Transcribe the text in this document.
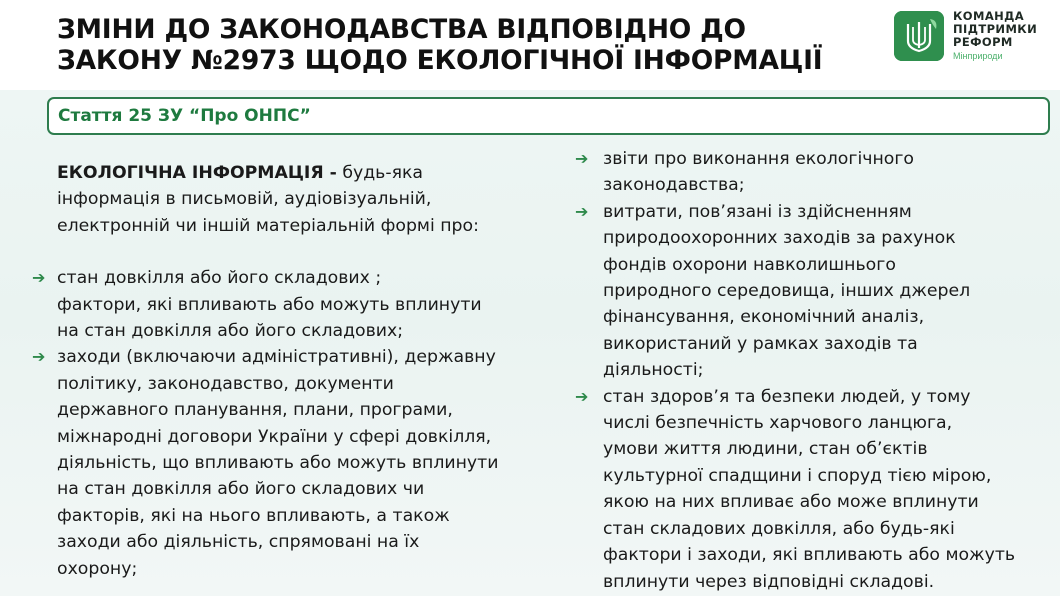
ЗМІНИ ДО ЗАКОНОДАВСТВА ВІДПОВІДНО ДО
ЗАКОНУ №2973 ЩОДО ЕКОЛОГІЧНОЇ ІНФОРМАЦІЇ
КОМАНДА
ПІДТРИМКИ
РЕФОРМ
Мінприроди
Стаття 25 ЗУ “Про ОНПС”

ЕКОЛОГІЧНА ІНФОРМАЦІЯ - будь-яка
інформація в письмовій, аудіовізуальній,
електронній чи іншій матеріальній формі про:

➔ стан довкілля або його складових ;
фактори, які впливають або можуть вплинути
на стан довкілля або його складових;
➔ заходи (включаючи адміністративні), державну
політику, законодавство, документи
державного планування, плани, програми,
міжнародні договори України у сфері довкілля,
діяльність, що впливають або можуть вплинути
на стан довкілля або його складових чи
факторів, які на нього впливають, а також
заходи або діяльність, спрямовані на їх
охорону;
➔ звіти про виконання екологічного
законодавства;
➔ витрати, пов’язані із здійсненням
природоохоронних заходів за рахунок
фондів охорони навколишнього
природного середовища, інших джерел
фінансування, економічний аналіз,
використаний у рамках заходів та
діяльності;
➔ стан здоров’я та безпеки людей, у тому
числі безпечність харчового ланцюга,
умови життя людини, стан об’єктів
культурної спадщини і споруд тією мірою,
якою на них впливає або може вплинути
стан складових довкілля, або будь-які
фактори і заходи, які впливають або можуть
вплинути через відповідні складові.
